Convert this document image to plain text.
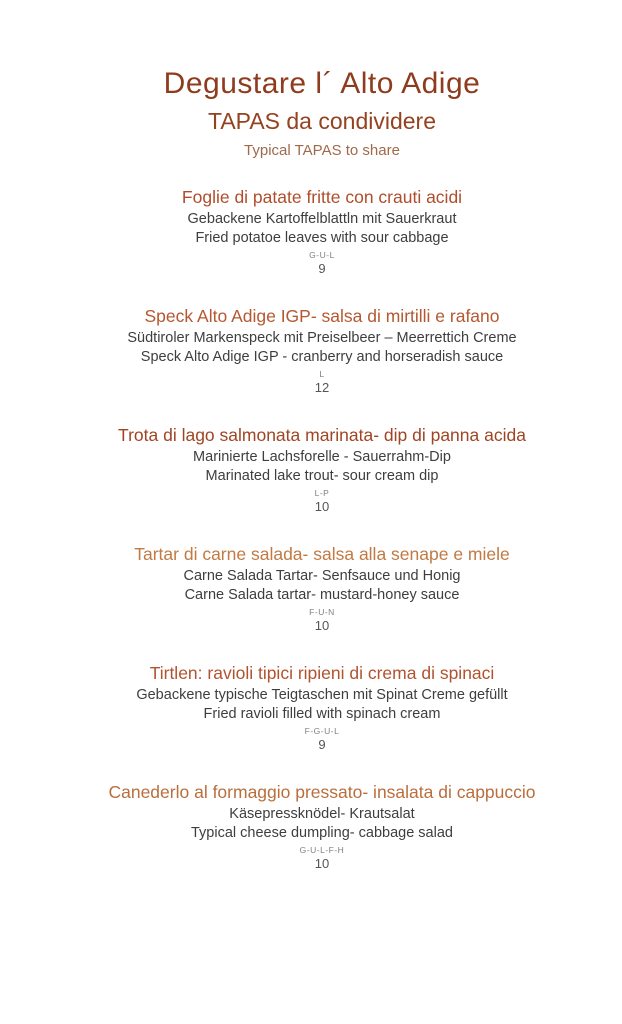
Degustare l´ Alto Adige
TAPAS da condividere
Typical TAPAS to share

Foglie di patate fritte con crauti acidi

Gebackene Kartoffelblattln mit Sauerkraut

Fried potatoe leaves with sour cabbage

G-U-L

9

Speck Alto Adige IGP- salsa di mirtilli e rafano

Südtiroler Markenspeck mit Preiselbeer – Meerrettich Creme

Speck Alto Adige IGP - cranberry and horseradish sauce

L

12

Trota di lago salmonata marinata- dip di panna acida

Marinierte Lachsforelle - Sauerrahm-Dip

Marinated lake trout- sour cream dip

L-P

10

Tartar di carne salada- salsa alla senape e miele

Carne Salada Tartar- Senfsauce und Honig

Carne Salada tartar- mustard-honey sauce

F-U-N

10

Tirtlen: ravioli tipici ripieni di crema di spinaci

Gebackene typische Teigtaschen mit Spinat Creme gefüllt

Fried ravioli filled with spinach cream

F-G-U-L

9

Canederlo al formaggio pressato- insalata di cappuccio

Käsepressknödel- Krautsalat

Typical cheese dumpling- cabbage salad

G-U-L-F-H

10
